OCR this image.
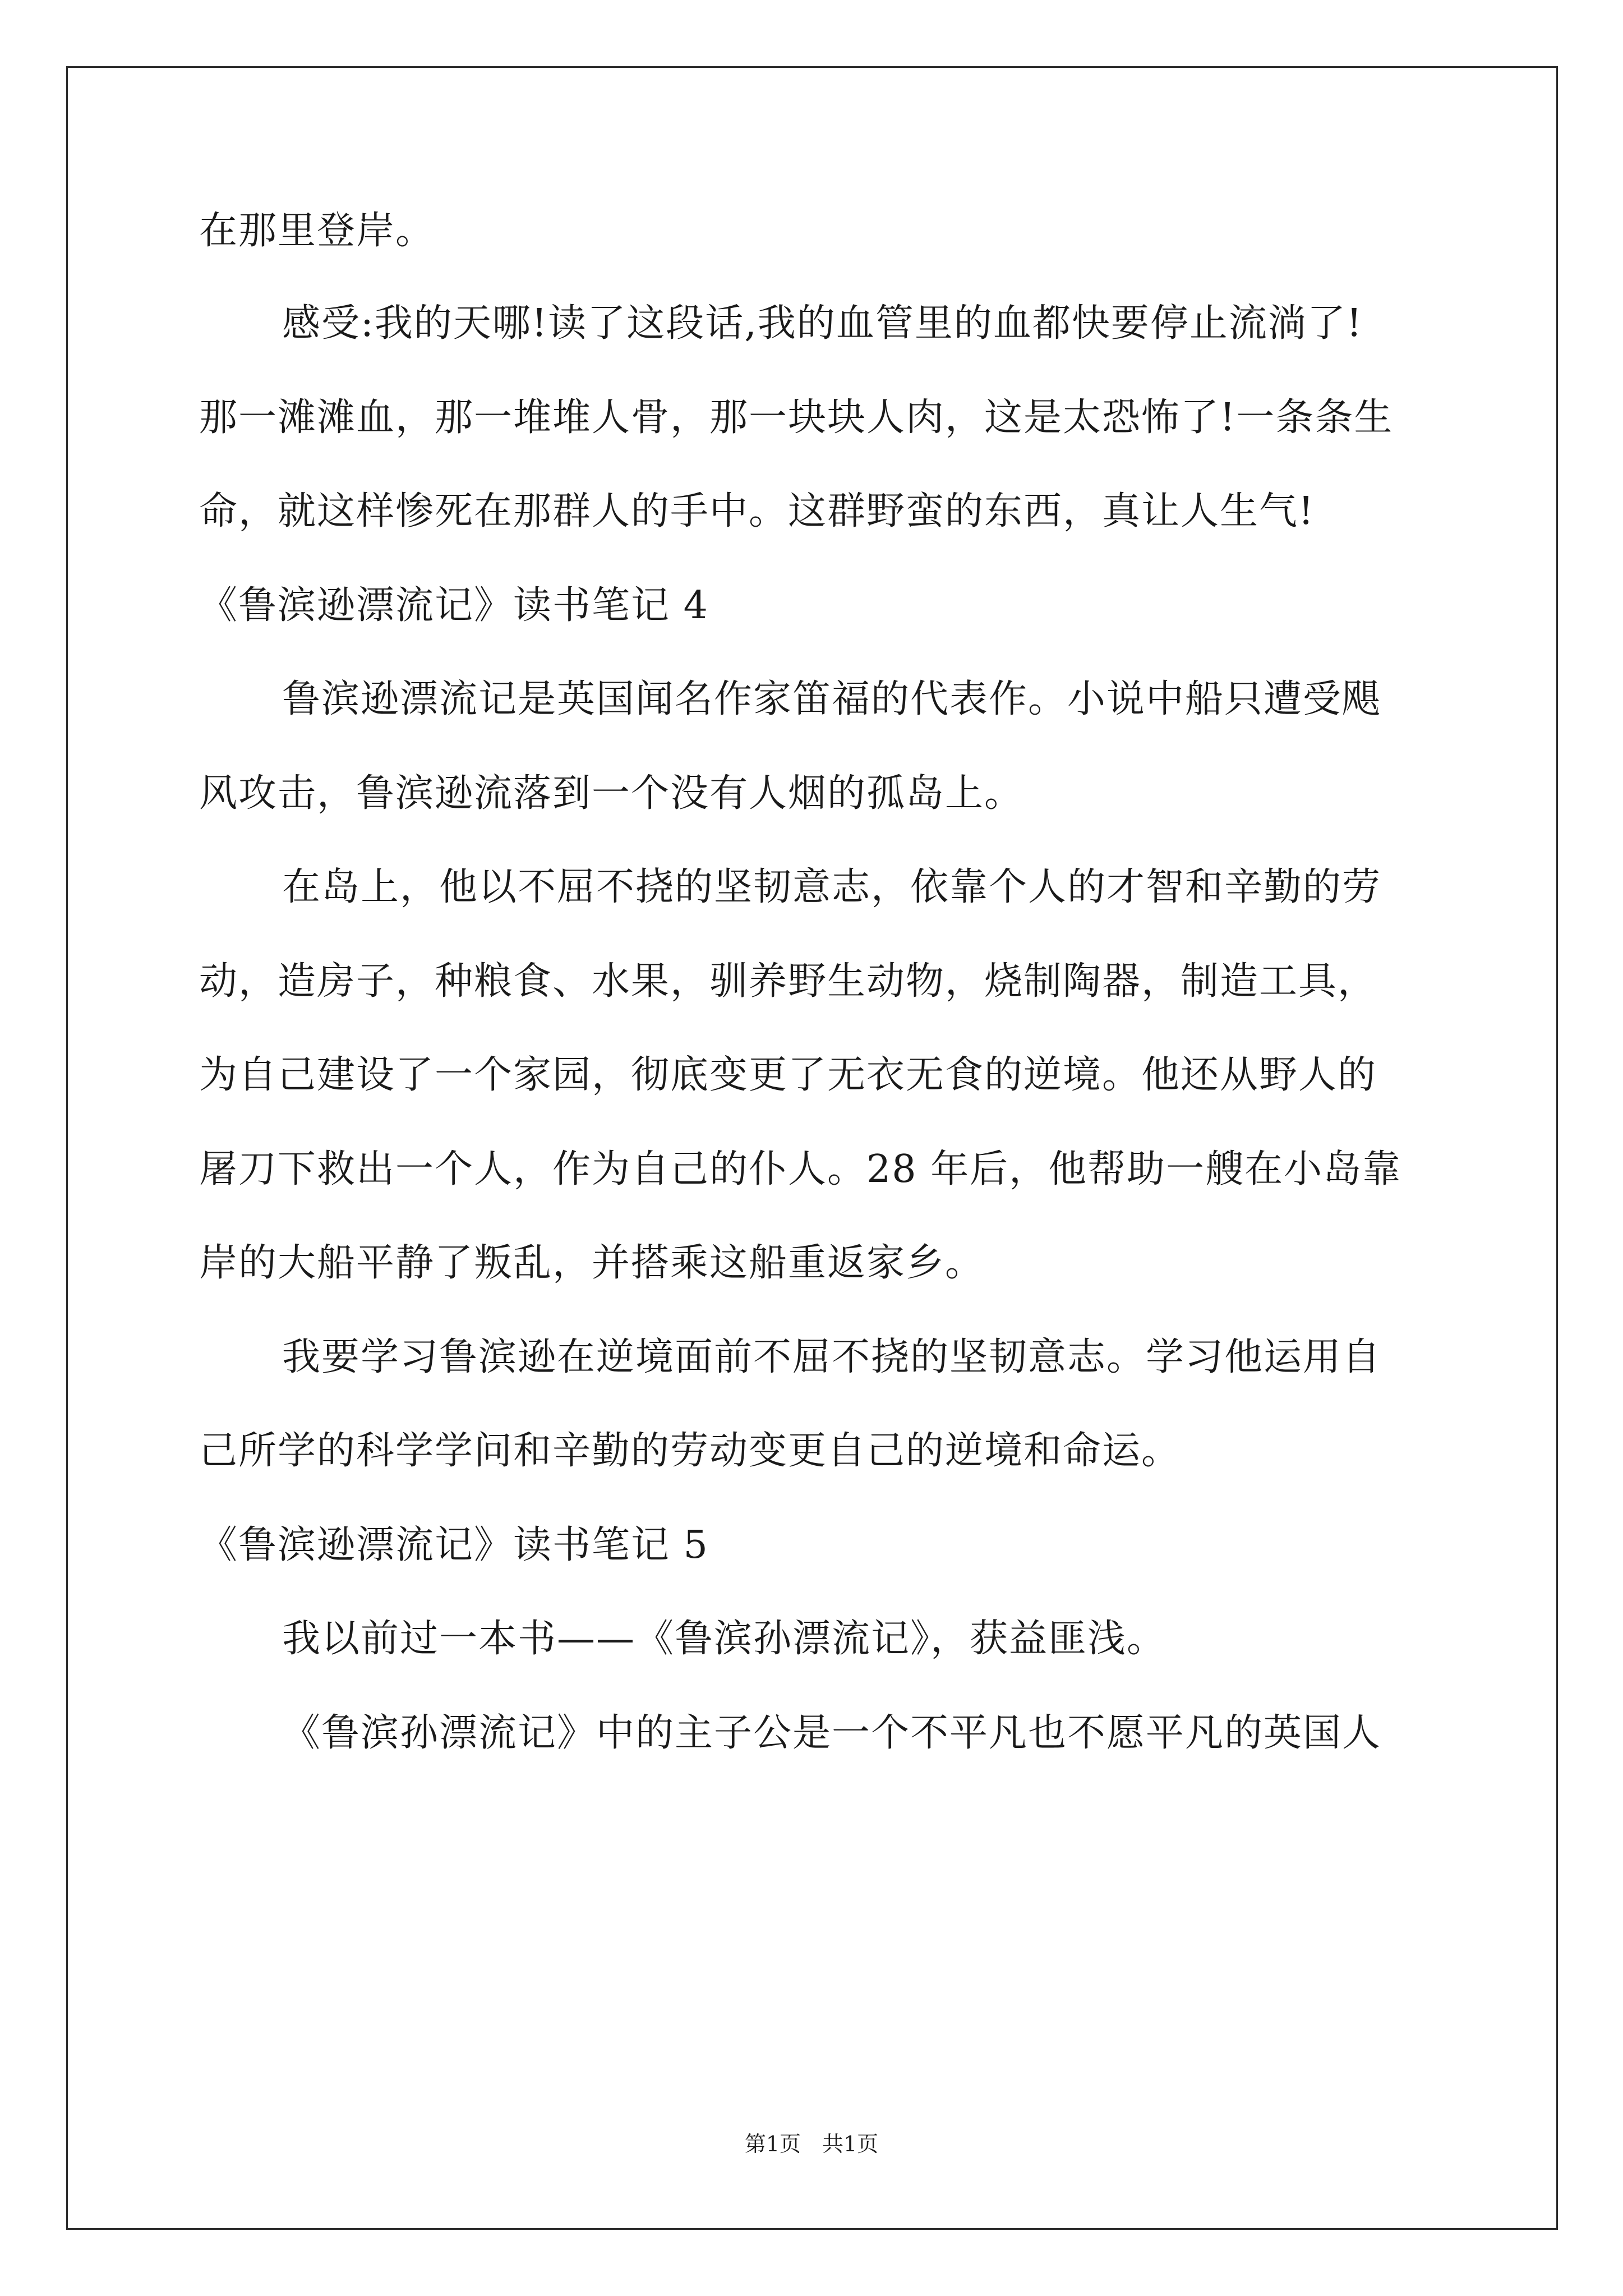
在那里登岸。
感受:我的天哪!读了这段话,我的血管里的血都快要停止流淌了!
那一滩滩血，那一堆堆人骨，那一块块人肉，这是太恐怖了!一条条生
命，就这样惨死在那群人的手中。这群野蛮的东西，真让人生气!
《鲁滨逊漂流记》读书笔记 4
鲁滨逊漂流记是英国闻名作家笛福的代表作。小说中船只遭受飓
风攻击，鲁滨逊流落到一个没有人烟的孤岛上。
在岛上，他以不屈不挠的坚韧意志，依靠个人的才智和辛勤的劳
动，造房子，种粮食、水果，驯养野生动物，烧制陶器，制造工具，
为自己建设了一个家园，彻底变更了无衣无食的逆境。他还从野人的
屠刀下救出一个人，作为自己的仆人。28 年后，他帮助一艘在小岛靠
岸的大船平静了叛乱，并搭乘这船重返家乡。
我要学习鲁滨逊在逆境面前不屈不挠的坚韧意志。学习他运用自
己所学的科学学问和辛勤的劳动变更自己的逆境和命运。
《鲁滨逊漂流记》读书笔记 5
我以前过一本书——《鲁滨孙漂流记》，获益匪浅。
《鲁滨孙漂流记》中的主子公是一个不平凡也不愿平凡的英国人
第1页　共1页
